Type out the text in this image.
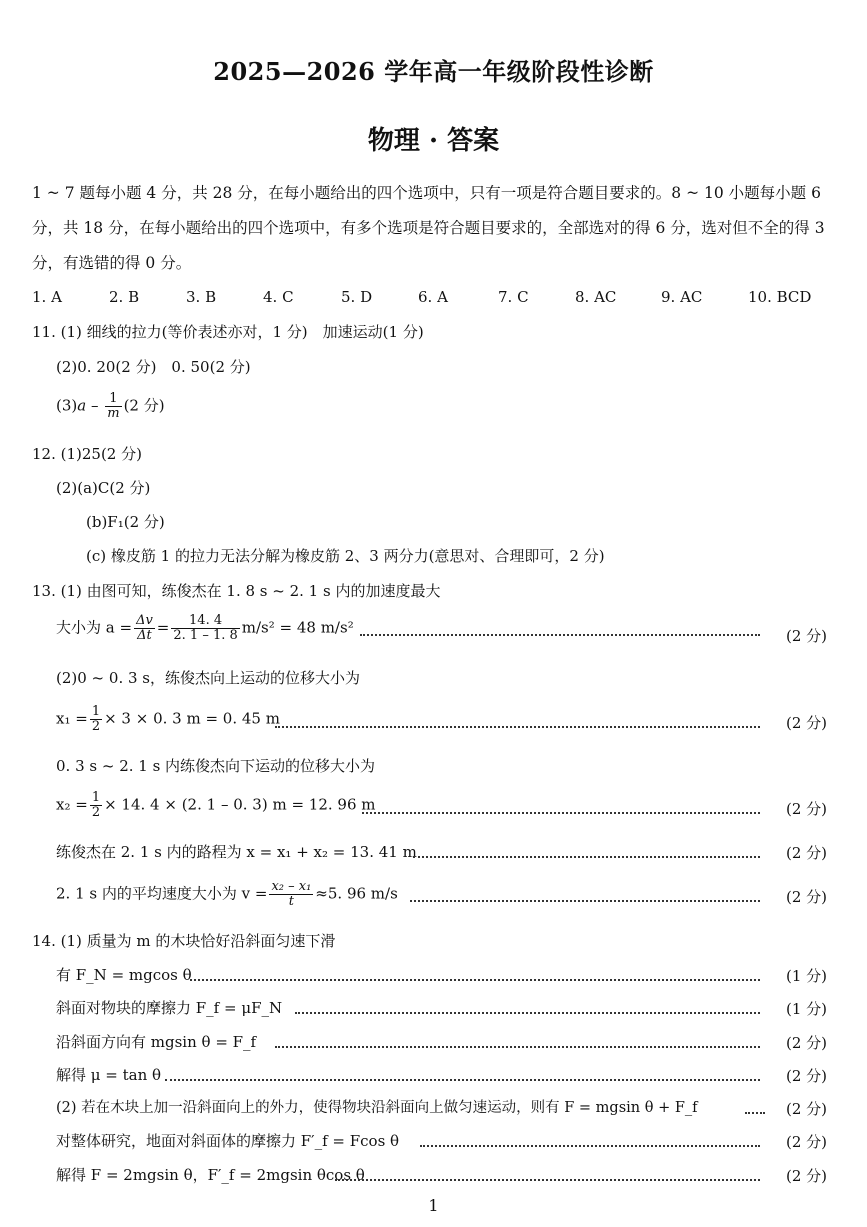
2025—2026 学年高一年级阶段性诊断
物理 · 答案
1 ~ 7 题每小题 4 分，共 28 分，在每小题给出的四个选项中，只有一项是符合题目要求的。8 ~ 10 小题每小题 6 分，共 18 分，在每小题给出的四个选项中，有多个选项是符合题目要求的，全部选对的得 6 分，选对但不全的得 3 分，有选错的得 0 分。
1. A	2. B	3. B	4. C	5. D	6. A	7. C	8. AC	9. AC	10. BCD
11. (1) 细线的拉力(等价表述亦对，1 分)　加速运动(1 分)
(2)0. 20(2 分)　0. 50(2 分)
$(3)a - \frac{1}{m} (2$ 分)
12. (1)25(2 分)
(2)(a)C(2 分)
(b)F₁(2 分)
(c) 橡皮筋 1 的拉力无法分解为橡皮筋 2、3 两分力(意思对、合理即可，2 分)
13. (1) 由图可知，练俊杰在 1. 8 s ~ 2. 1 s 内的加速度最大
大小为 $a = \frac{\Delta v}{\Delta t} = \frac{14. 4}{2. 1 - 1. 8} m/s^2 = 48$ m/s²	(2 分)
(2)0 ~ 0. 3 s，练俊杰向上运动的位移大小为
$x_1 = \frac{1}{2} \times 3 \times 0$. 3 m = 0. 45 m	(2 分)
0. 3 s ~ 2. 1 s 内练俊杰向下运动的位移大小为
$x_2 = \frac{1}{2} \times 14$. 4 × (2. 1 – 0. 3) m = 12. 96 m	(2 分)
练俊杰在 2. 1 s 内的路程为 x = x₁ + x₂ = 13. 41 m	(2 分)
2. 1 s 内的平均速度大小为 $v = \frac{\text{x₂ – x₁}}{t} \approx 5$. 96 m/s	(2 分)
14. (1) 质量为 m 的木块恰好沿斜面匀速下滑
有 F_N = mgcos θ	(1 分)
斜面对物块的摩擦力 F_f = μF_N	(1 分)
沿斜面方向有 mgsin θ = F_f	(2 分)
解得 μ = tan θ	(2 分)
(2) 若在木块上加一沿斜面向上的外力，使得物块沿斜面向上做匀速运动，则有 F = mgsin θ + F_f	(2 分)
对整体研究，地面对斜面体的摩擦力 F′_f = Fcos θ	(2 分)
解得 F = 2mgsin θ，F′_f = 2mgsin θcos θ	(2 分)
1
